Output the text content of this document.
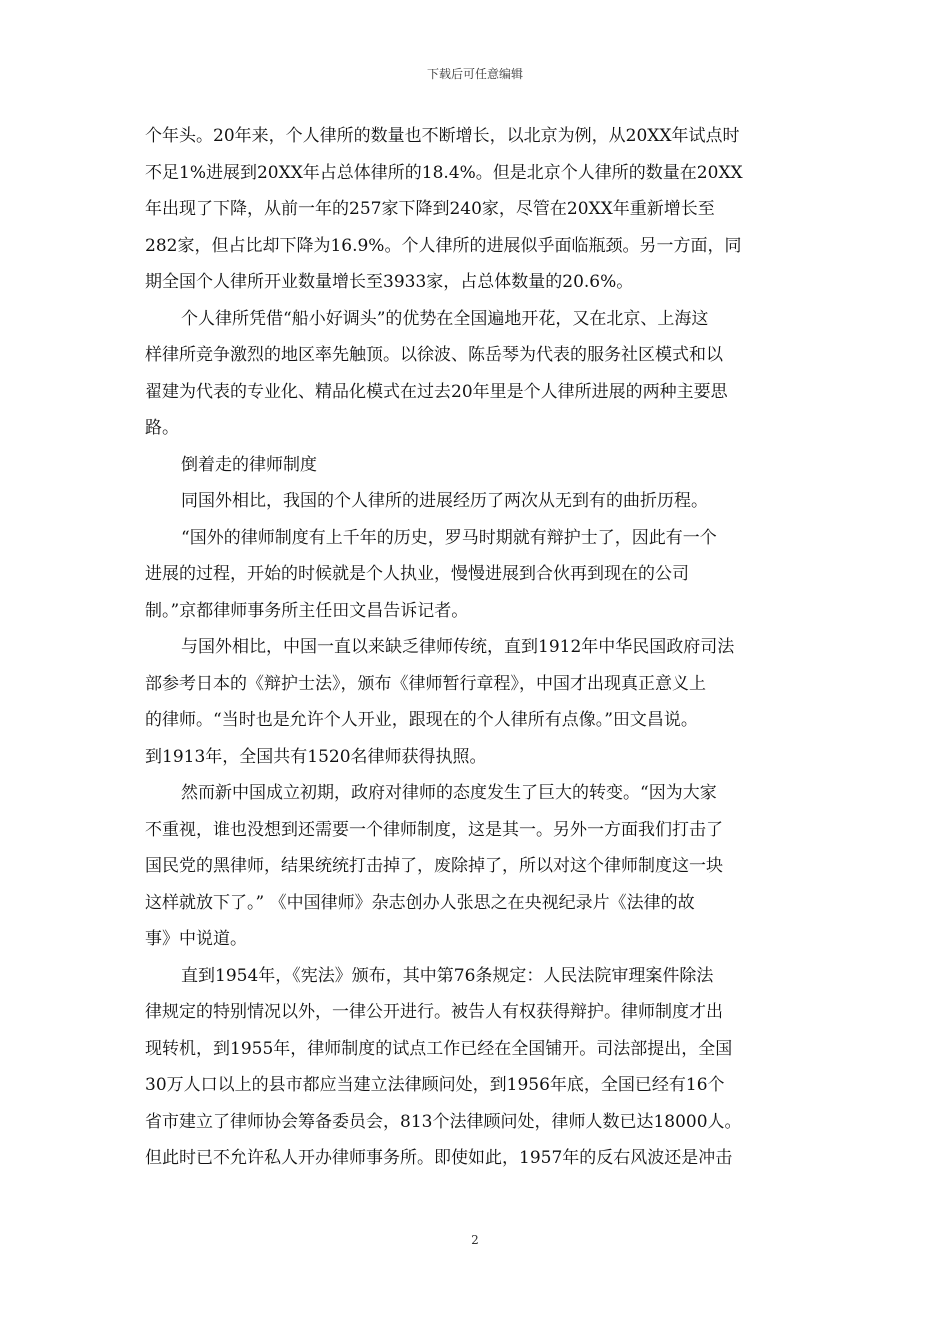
下载后可任意编辑
个年头。20年来，个人律所的数量也不断增长，以北京为例，从20XX年试点时
不足1%进展到20XX年占总体律所的18.4%。但是北京个人律所的数量在20XX
年出现了下降，从前一年的257家下降到240家，尽管在20XX年重新增长至
282家，但占比却下降为16.9%。个人律所的进展似乎面临瓶颈。另一方面，同
期全国个人律所开业数量增长至3933家，占总体数量的20.6%。
个人律所凭借“船小好调头”的优势在全国遍地开花，又在北京、上海这
样律所竞争激烈的地区率先触顶。以徐波、陈岳琴为代表的服务社区模式和以
翟建为代表的专业化、精品化模式在过去20年里是个人律所进展的两种主要思
路。
倒着走的律师制度
同国外相比，我国的个人律所的进展经历了两次从无到有的曲折历程。
“国外的律师制度有上千年的历史，罗马时期就有辩护士了，因此有一个
进展的过程，开始的时候就是个人执业，慢慢进展到合伙再到现在的公司
制。”京都律师事务所主任田文昌告诉记者。
与国外相比，中国一直以来缺乏律师传统，直到1912年中华民国政府司法
部参考日本的《辩护士法》，颁布《律师暂行章程》，中国才出现真正意义上
的律师。“当时也是允许个人开业，跟现在的个人律所有点像。”田文昌说。
到1913年，全国共有1520名律师获得执照。
然而新中国成立初期，政府对律师的态度发生了巨大的转变。“因为大家
不重视，谁也没想到还需要一个律师制度，这是其一。另外一方面我们打击了
国民党的黑律师，结果统统打击掉了，废除掉了，所以对这个律师制度这一块
这样就放下了。” 《中国律师》杂志创办人张思之在央视纪录片《法律的故
事》中说道。
直到1954年，《宪法》颁布，其中第76条规定：人民法院审理案件除法
律规定的特别情况以外，一律公开进行。被告人有权获得辩护。律师制度才出
现转机，到1955年，律师制度的试点工作已经在全国铺开。司法部提出，全国
30万人口以上的县市都应当建立法律顾问处，到1956年底，全国已经有16个
省市建立了律师协会筹备委员会，813个法律顾问处，律师人数已达18000人。
但此时已不允许私人开办律师事务所。即使如此，1957年的反右风波还是冲击
2
